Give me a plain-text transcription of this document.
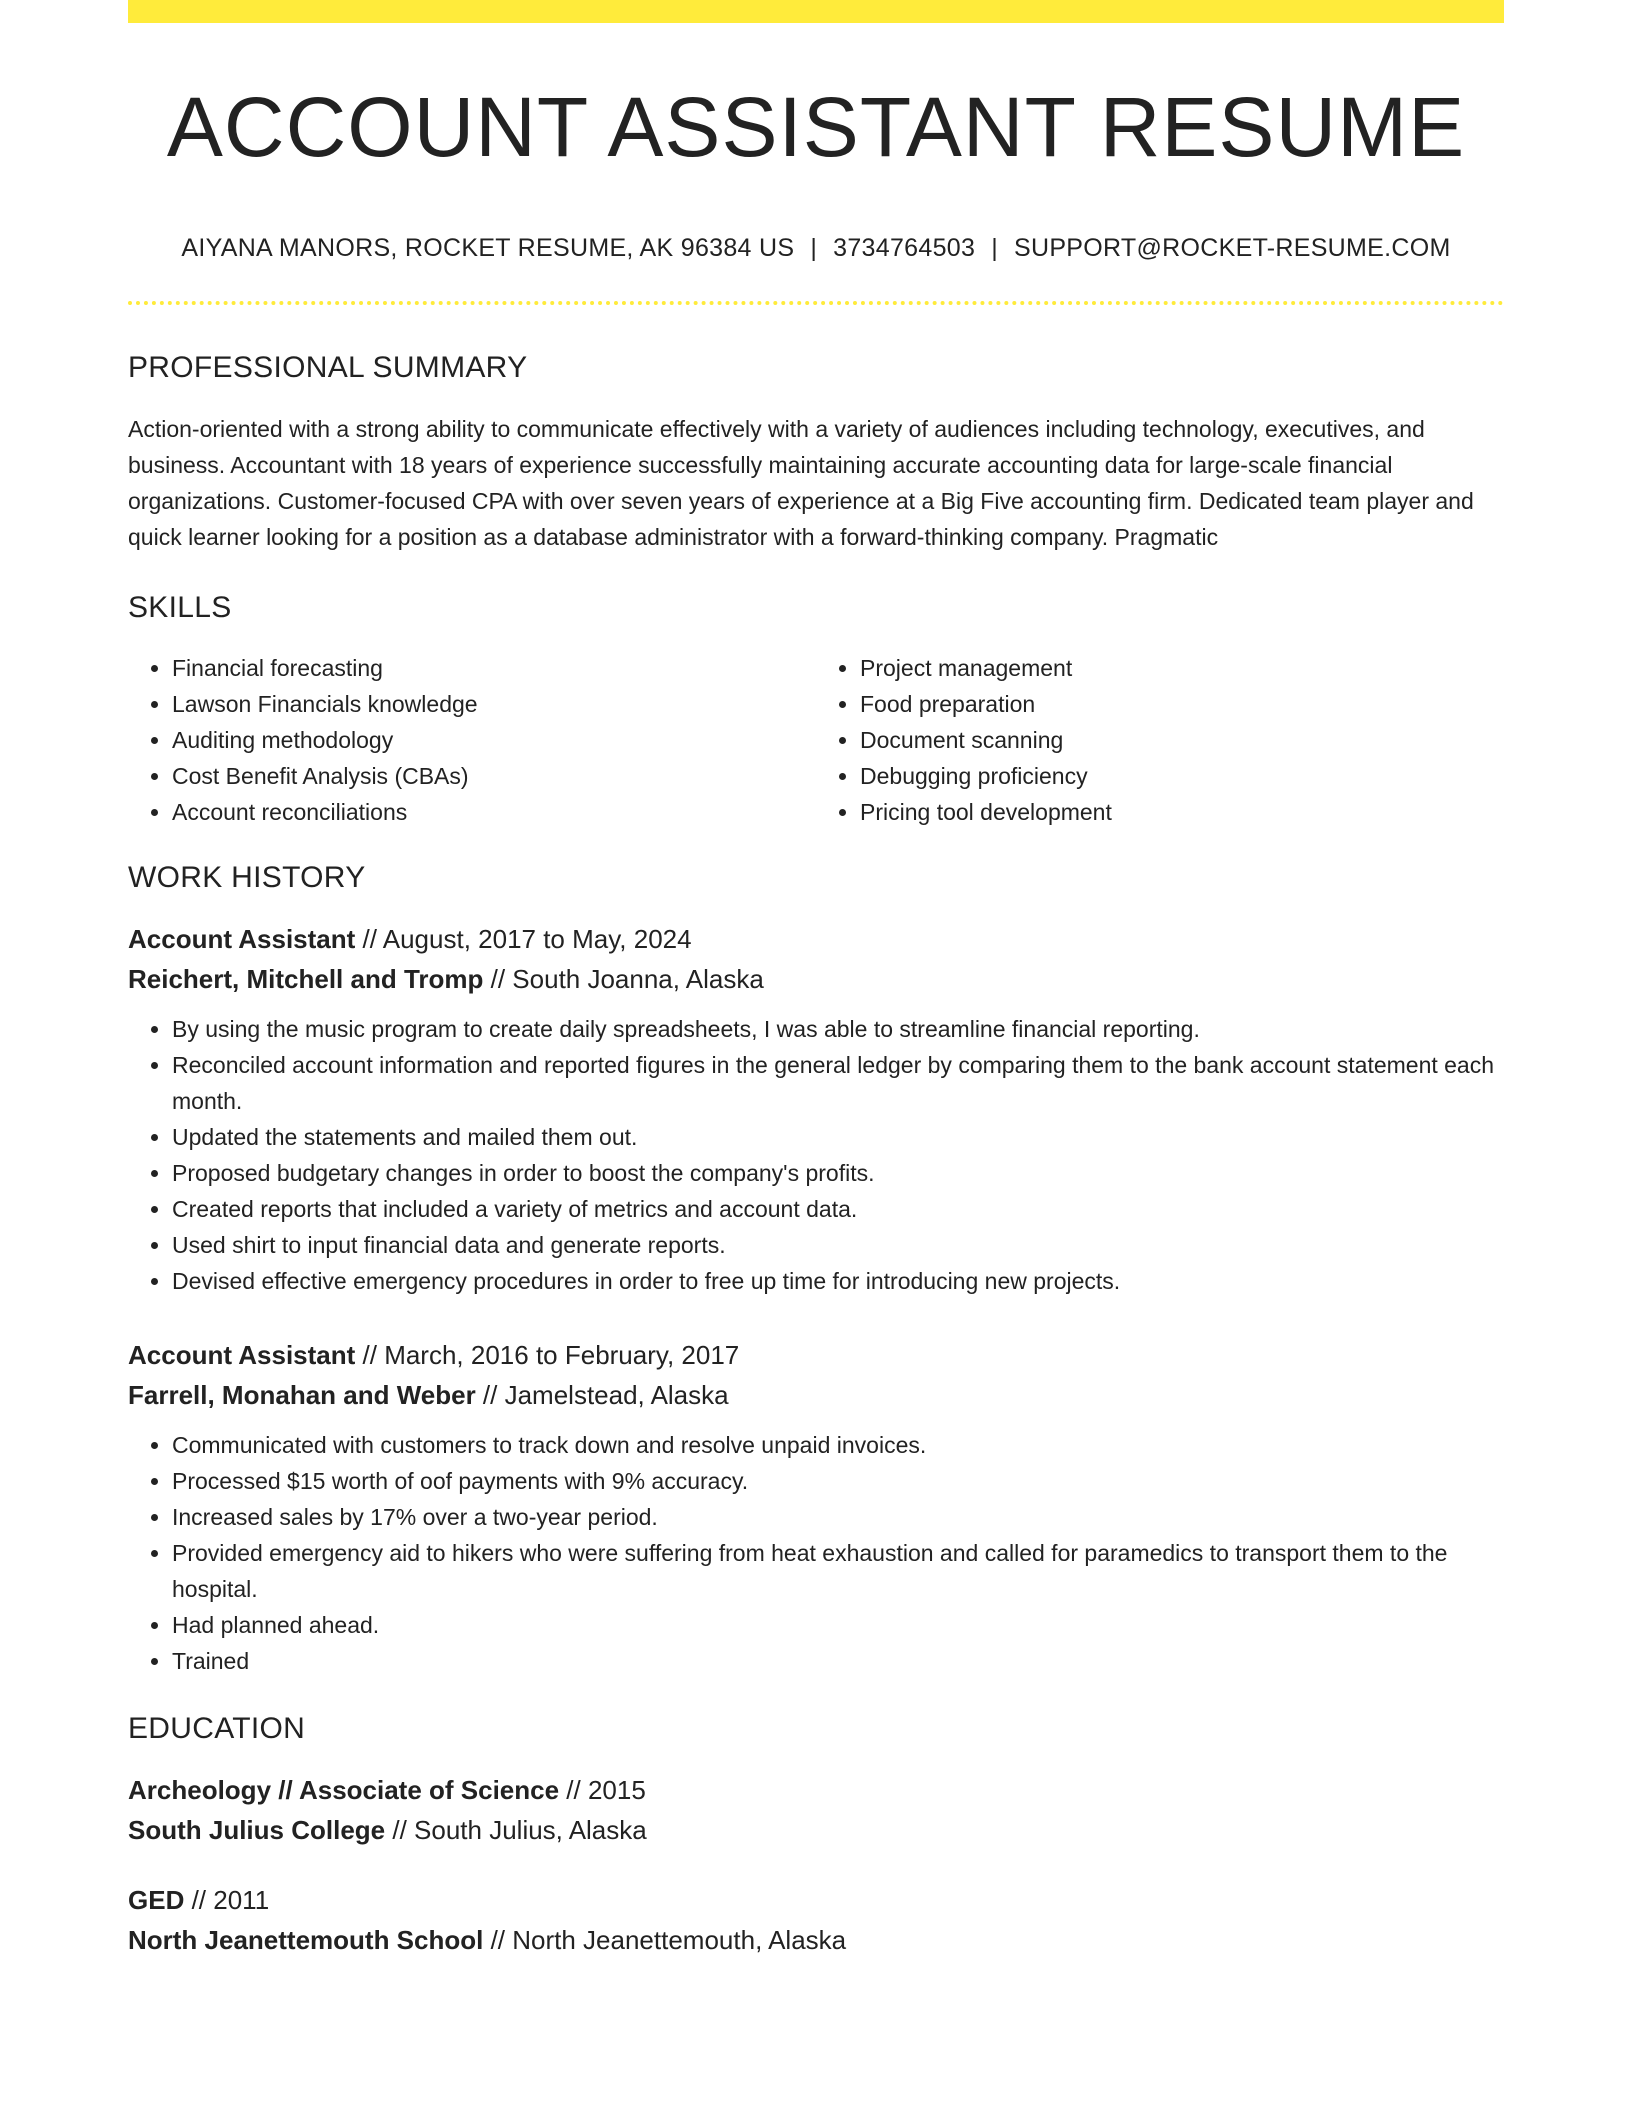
ACCOUNT ASSISTANT RESUME
AIYANA MANORS, ROCKET RESUME, AK 96384 US | 3734764503 | SUPPORT@ROCKET-RESUME.COM
PROFESSIONAL SUMMARY
Action-oriented with a strong ability to communicate effectively with a variety of audiences including technology, executives, and business. Accountant with 18 years of experience successfully maintaining accurate accounting data for large-scale financial organizations. Customer-focused CPA with over seven years of experience at a Big Five accounting firm. Dedicated team player and quick learner looking for a position as a database administrator with a forward-thinking company. Pragmatic
SKILLS
• Financial forecasting
• Lawson Financials knowledge
• Auditing methodology
• Cost Benefit Analysis (CBAs)
• Account reconciliations
• Project management
• Food preparation
• Document scanning
• Debugging proficiency
• Pricing tool development
WORK HISTORY
Account Assistant // August, 2017 to May, 2024
Reichert, Mitchell and Tromp // South Joanna, Alaska
• By using the music program to create daily spreadsheets, I was able to streamline financial reporting.
• Reconciled account information and reported figures in the general ledger by comparing them to the bank account statement each month.
• Updated the statements and mailed them out.
• Proposed budgetary changes in order to boost the company's profits.
• Created reports that included a variety of metrics and account data.
• Used shirt to input financial data and generate reports.
• Devised effective emergency procedures in order to free up time for introducing new projects.
Account Assistant // March, 2016 to February, 2017
Farrell, Monahan and Weber // Jamelstead, Alaska
• Communicated with customers to track down and resolve unpaid invoices.
• Processed $15 worth of oof payments with 9% accuracy.
• Increased sales by 17% over a two-year period.
• Provided emergency aid to hikers who were suffering from heat exhaustion and called for paramedics to transport them to the hospital.
• Had planned ahead.
• Trained
EDUCATION
Archeology // Associate of Science // 2015
South Julius College // South Julius, Alaska
GED // 2011
North Jeanettemouth School // North Jeanettemouth, Alaska
